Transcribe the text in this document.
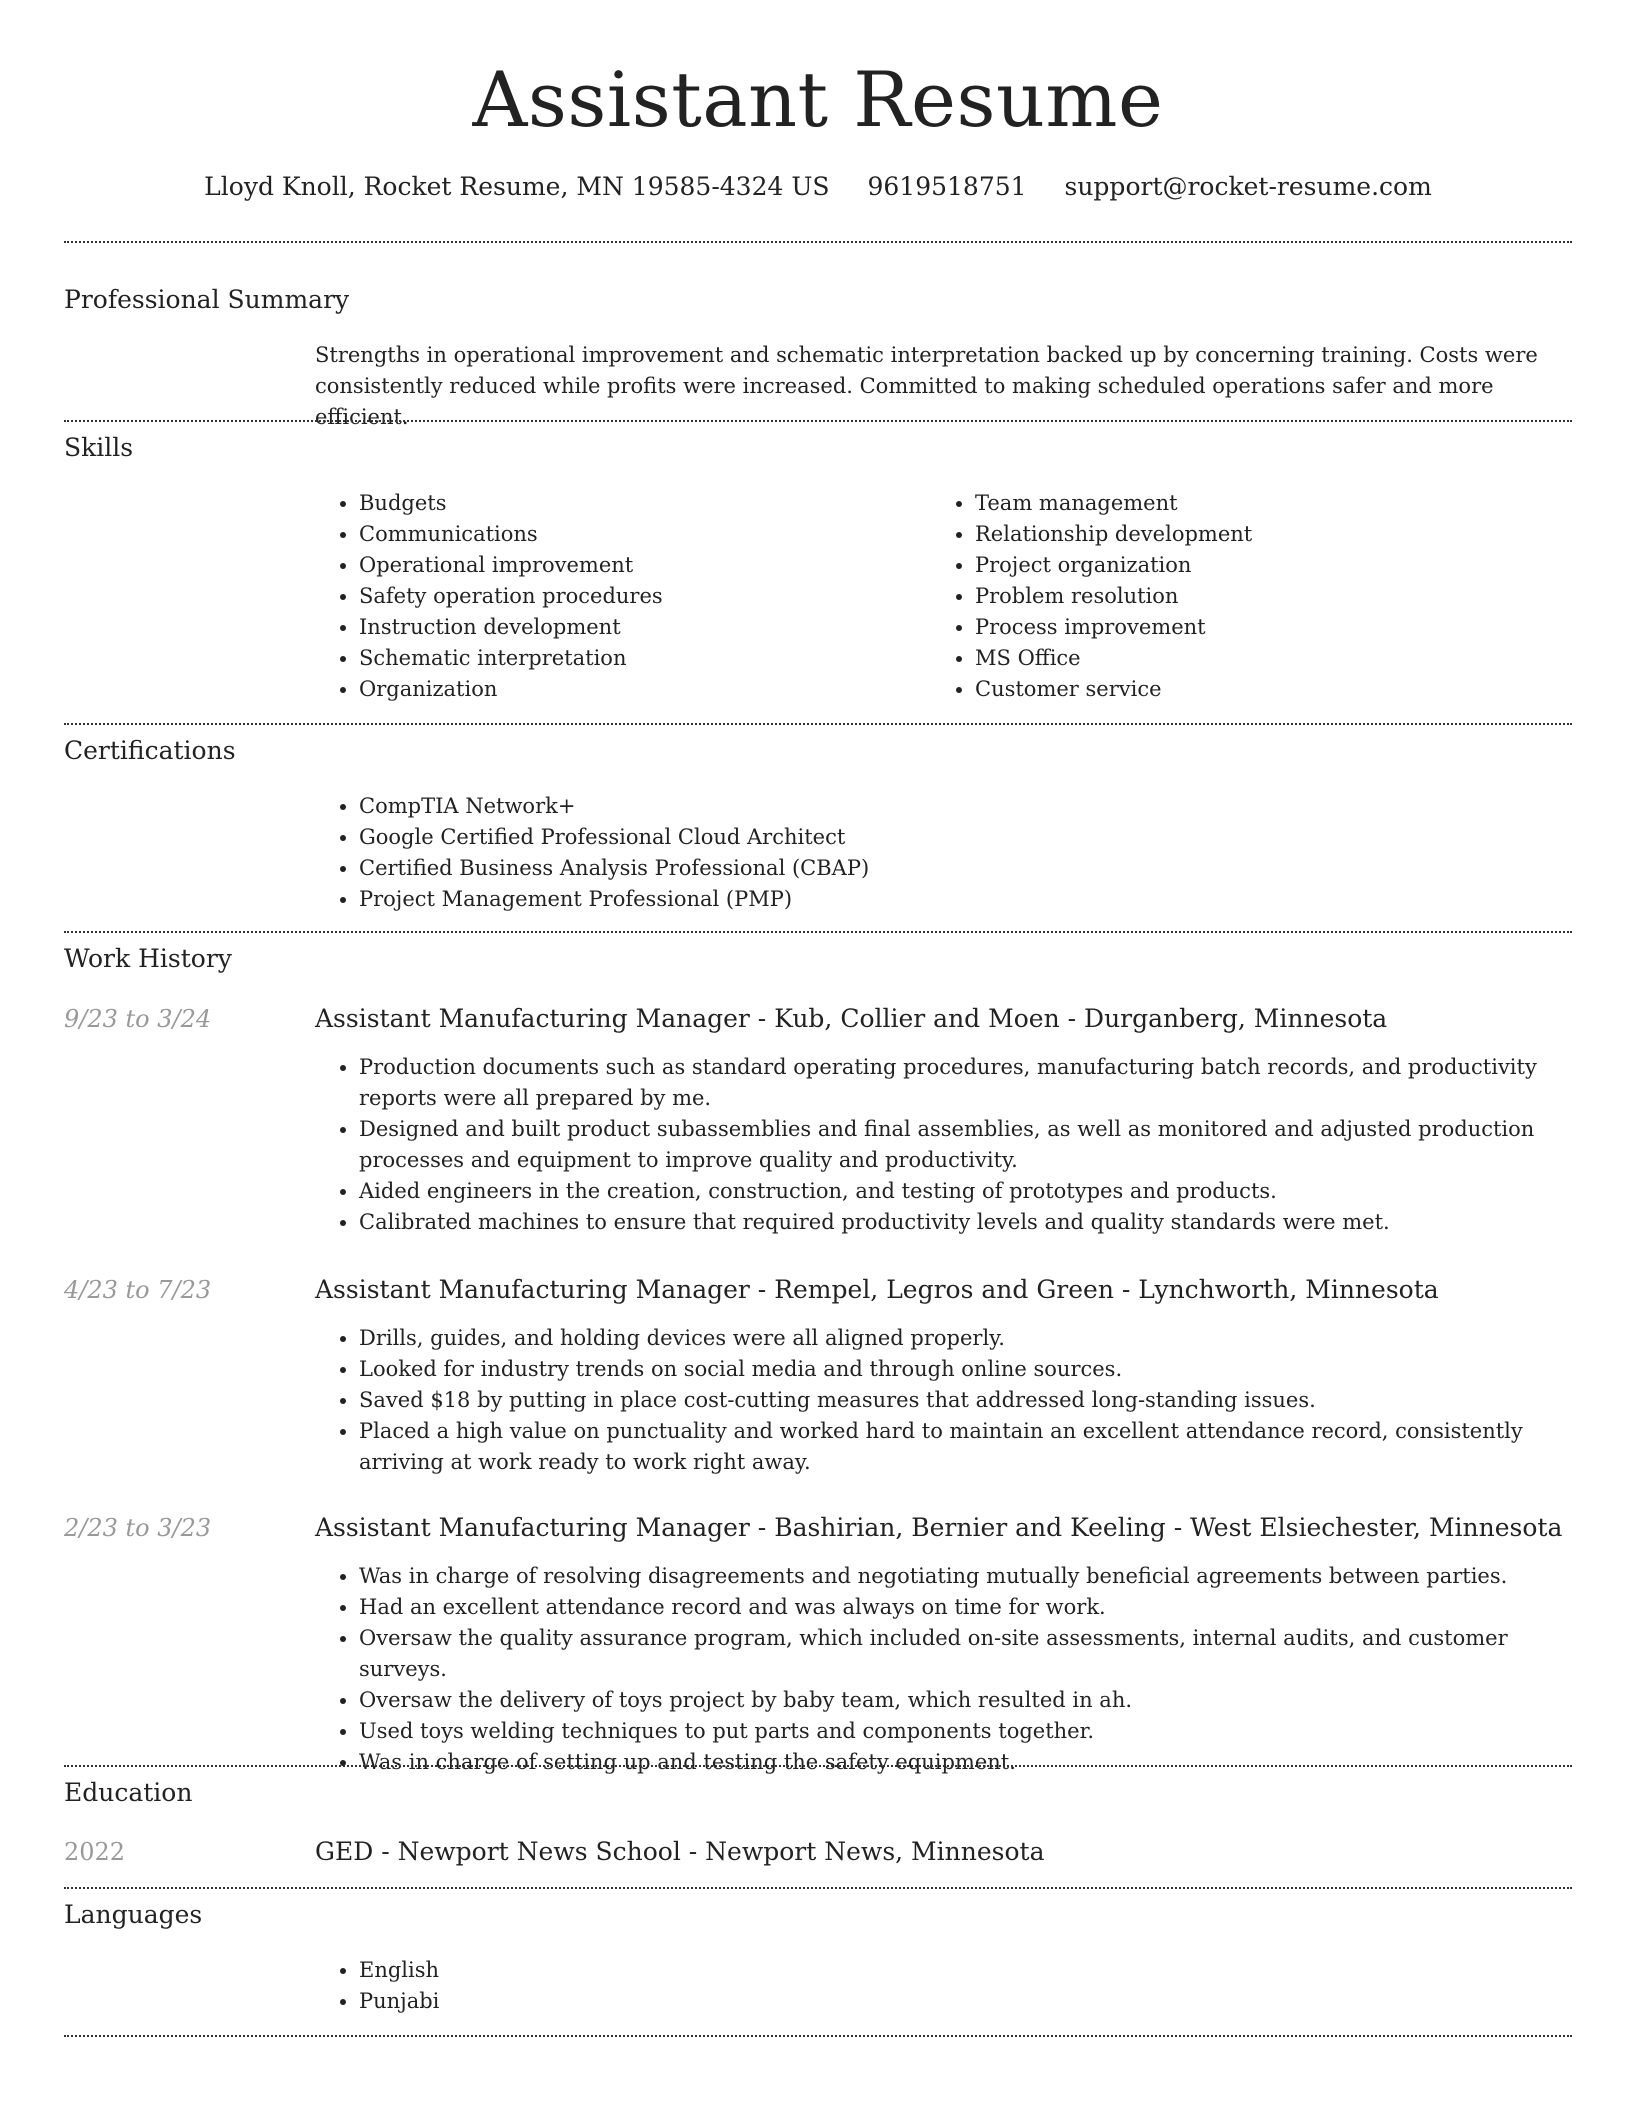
Assistant Resume
Lloyd Knoll, Rocket Resume, MN 19585-4324 US 9619518751 support@rocket-resume.com
Professional Summary
Strengths in operational improvement and schematic interpretation backed up by concerning training. Costs were consistently reduced while profits were increased. Committed to making scheduled operations safer and more efficient.
Skills
• Budgets
• Communications
• Operational improvement
• Safety operation procedures
• Instruction development
• Schematic interpretation
• Organization
• Team management
• Relationship development
• Project organization
• Problem resolution
• Process improvement
• MS Office
• Customer service
Certifications
• CompTIA Network+
• Google Certified Professional Cloud Architect
• Certified Business Analysis Professional (CBAP)
• Project Management Professional (PMP)
Work History
9/23 to 3/24	Assistant Manufacturing Manager - Kub, Collier and Moen - Durganberg, Minnesota
• Production documents such as standard operating procedures, manufacturing batch records, and productivity reports were all prepared by me.
• Designed and built product subassemblies and final assemblies, as well as monitored and adjusted production processes and equipment to improve quality and productivity.
• Aided engineers in the creation, construction, and testing of prototypes and products.
• Calibrated machines to ensure that required productivity levels and quality standards were met.
4/23 to 7/23	Assistant Manufacturing Manager - Rempel, Legros and Green - Lynchworth, Minnesota
• Drills, guides, and holding devices were all aligned properly.
• Looked for industry trends on social media and through online sources.
• Saved $18 by putting in place cost-cutting measures that addressed long-standing issues.
• Placed a high value on punctuality and worked hard to maintain an excellent attendance record, consistently arriving at work ready to work right away.
2/23 to 3/23	Assistant Manufacturing Manager - Bashirian, Bernier and Keeling - West Elsiechester, Minnesota
• Was in charge of resolving disagreements and negotiating mutually beneficial agreements between parties.
• Had an excellent attendance record and was always on time for work.
• Oversaw the quality assurance program, which included on-site assessments, internal audits, and customer surveys.
• Oversaw the delivery of toys project by baby team, which resulted in ah.
• Used toys welding techniques to put parts and components together.
• Was in charge of setting up and testing the safety equipment.
Education
2022	GED - Newport News School - Newport News, Minnesota
Languages
• English
• Punjabi
